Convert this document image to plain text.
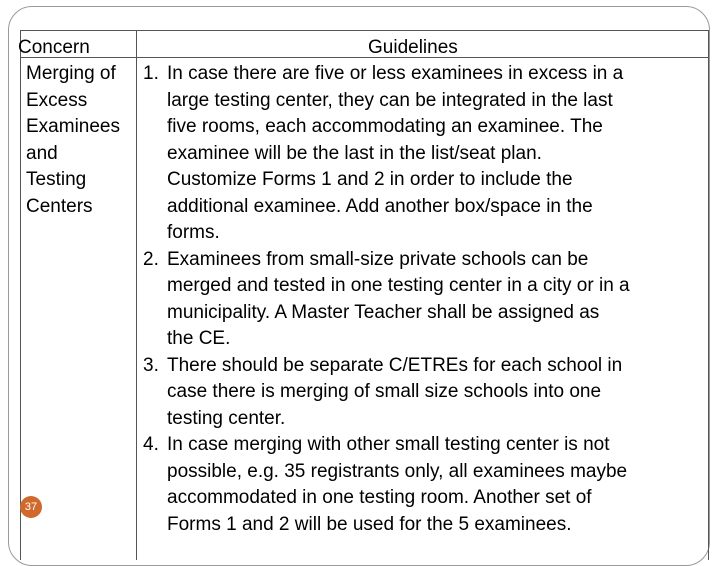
Concern	Guidelines
Merging of
Excess
Examinees
and
Testing
Centers
1. In case there are five or less examinees in excess in a
large testing center, they can be integrated in the last
five rooms, each accommodating an examinee. The
examinee will be the last in the list/seat plan.
Customize Forms 1 and 2 in order to include the
additional examinee. Add another box/space in the
forms.
2. Examinees from small-size private schools can be
merged and tested in one testing center in a city or in a
municipality. A Master Teacher shall be assigned as
the CE.
3. There should be separate C/ETREs for each school in
case there is merging of small size schools into one
testing center.
4. In case merging with other small testing center is not
possible, e.g. 35 registrants only, all examinees maybe
accommodated in one testing room. Another set of
Forms 1 and 2 will be used for the 5 examinees.
37
